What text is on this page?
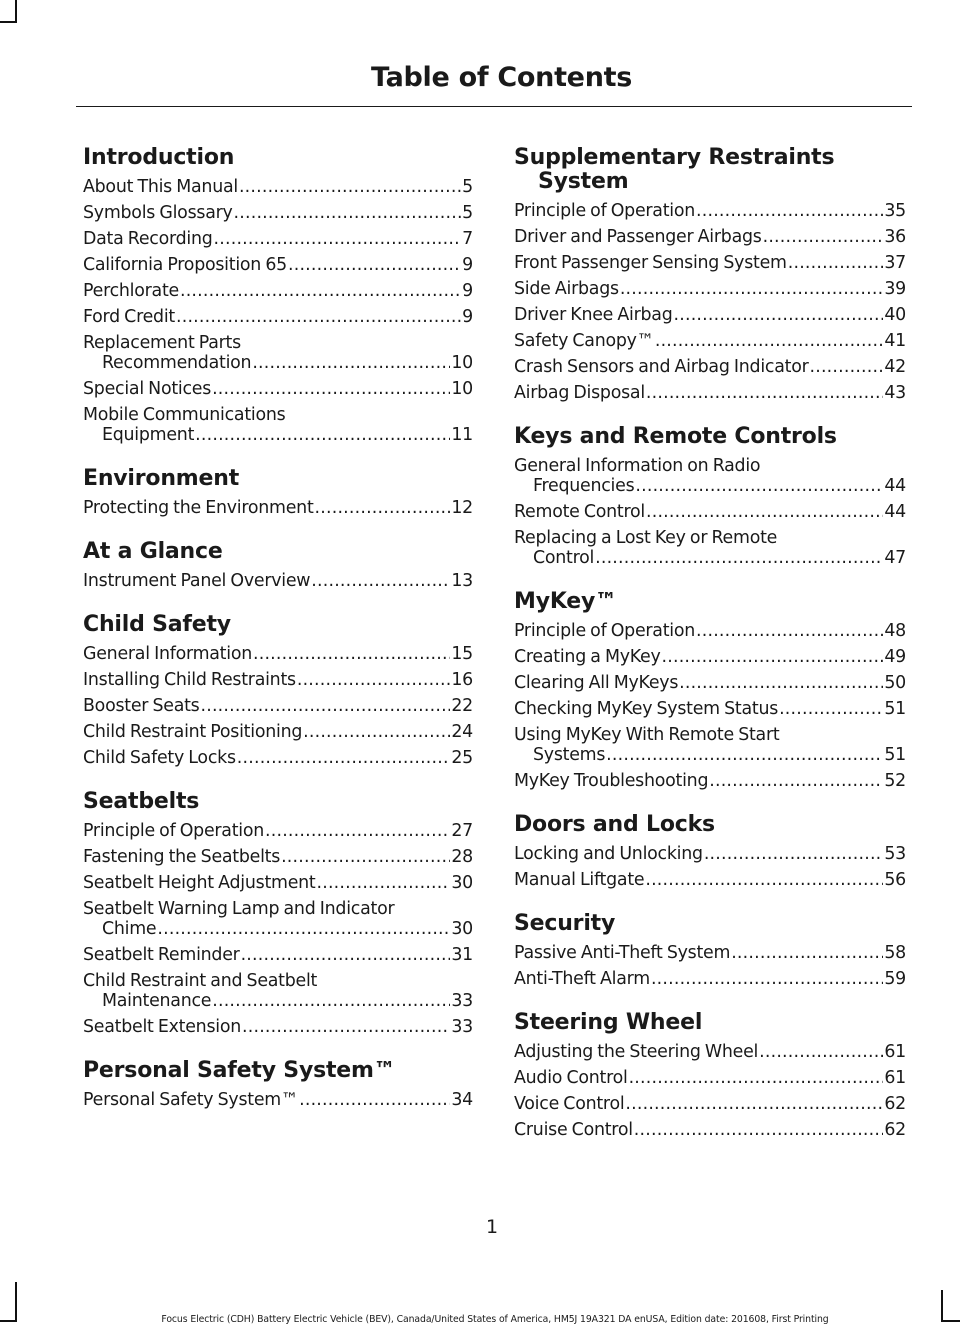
Table of Contents
Introduction
About This Manual .....	5
Symbols Glossary .....	5
Data Recording .....	7
California Proposition 65 .....	9
Perchlorate .....	9
Ford Credit .....	9
Replacement Parts
Recommendation .....	10
Special Notices .....	10
Mobile Communications
Equipment .....	11
Environment
Protecting the Environment .....	12
At a Glance
Instrument Panel Overview .....	13
Child Safety
General Information .....	15
Installing Child Restraints .....	16
Booster Seats .....	22
Child Restraint Positioning .....	24
Child Safety Locks .....	25
Seatbelts
Principle of Operation .....	27
Fastening the Seatbelts .....	28
Seatbelt Height Adjustment .....	30
Seatbelt Warning Lamp and Indicator
Chime .....	30
Seatbelt Reminder .....	31
Child Restraint and Seatbelt
Maintenance .....	33
Seatbelt Extension .....	33
Personal Safety System™
Personal Safety System™ .....	34
Supplementary Restraints
System
Principle of Operation .....	35
Driver and Passenger Airbags .....	36
Front Passenger Sensing System .....	37
Side Airbags .....	39
Driver Knee Airbag .....	40
Safety Canopy™ .....	41
Crash Sensors and Airbag Indicator .....	42
Airbag Disposal .....	43
Keys and Remote Controls
General Information on Radio
Frequencies .....	44
Remote Control .....	44
Replacing a Lost Key or Remote
Control .....	47
MyKey™
Principle of Operation .....	48
Creating a MyKey .....	49
Clearing All MyKeys .....	50
Checking MyKey System Status .....	51
Using MyKey With Remote Start
Systems .....	51
MyKey Troubleshooting .....	52
Doors and Locks
Locking and Unlocking .....	53
Manual Liftgate .....	56
Security
Passive Anti-Theft System .....	58
Anti-Theft Alarm .....	59
Steering Wheel
Adjusting the Steering Wheel .....	61
Audio Control .....	61
Voice Control .....	62
Cruise Control .....	62
1
Focus Electric (CDH) Battery Electric Vehicle (BEV), Canada/United States of America, HM5J 19A321 DA enUSA, Edition date: 201608, First Printing
